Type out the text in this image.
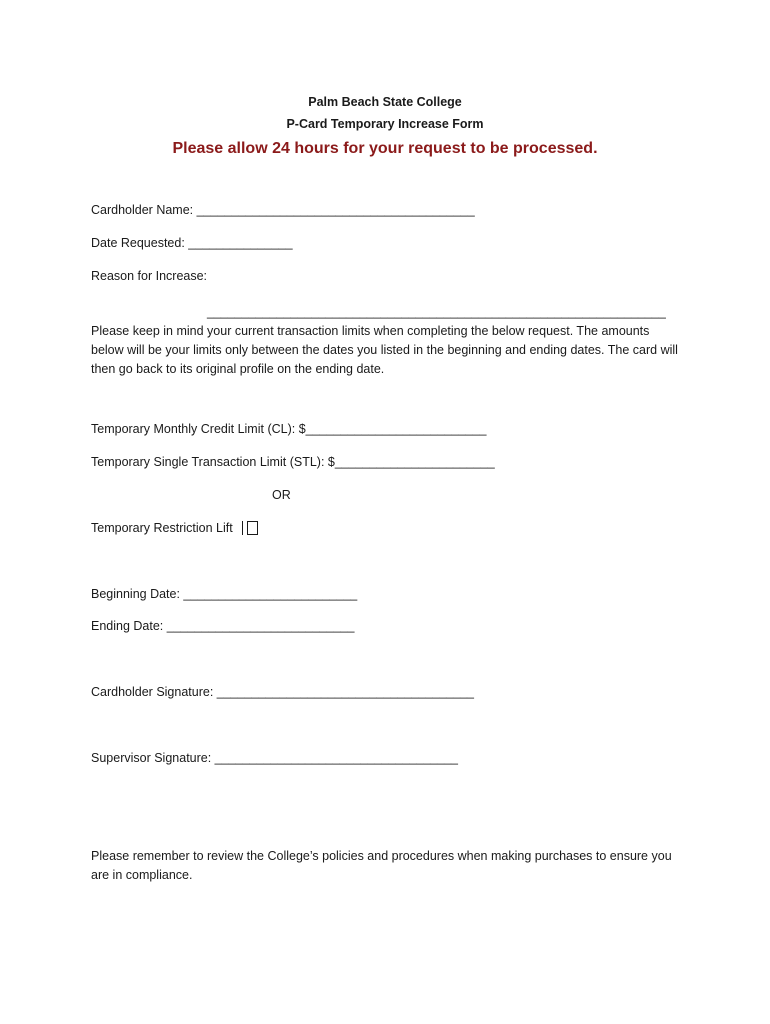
Palm Beach State College
P-Card Temporary Increase Form
Please allow 24 hours for your request to be processed.
Cardholder Name: ________________________________________
Date Requested: _______________
Reason for Increase:
__________________________________________________________________
Please keep in mind your current transaction limits when completing the below request. The amounts below will be your limits only between the dates you listed in the beginning and ending dates. The card will then go back to its original profile on the ending date.
Temporary Monthly Credit Limit (CL): $__________________________
Temporary Single Transaction Limit (STL): $_______________________
OR
Temporary Restriction Lift
Beginning Date: _________________________
Ending Date: ___________________________
Cardholder Signature: _____________________________________
Supervisor Signature: ___________________________________
Please remember to review the College’s policies and procedures when making purchases to ensure you are in compliance.
